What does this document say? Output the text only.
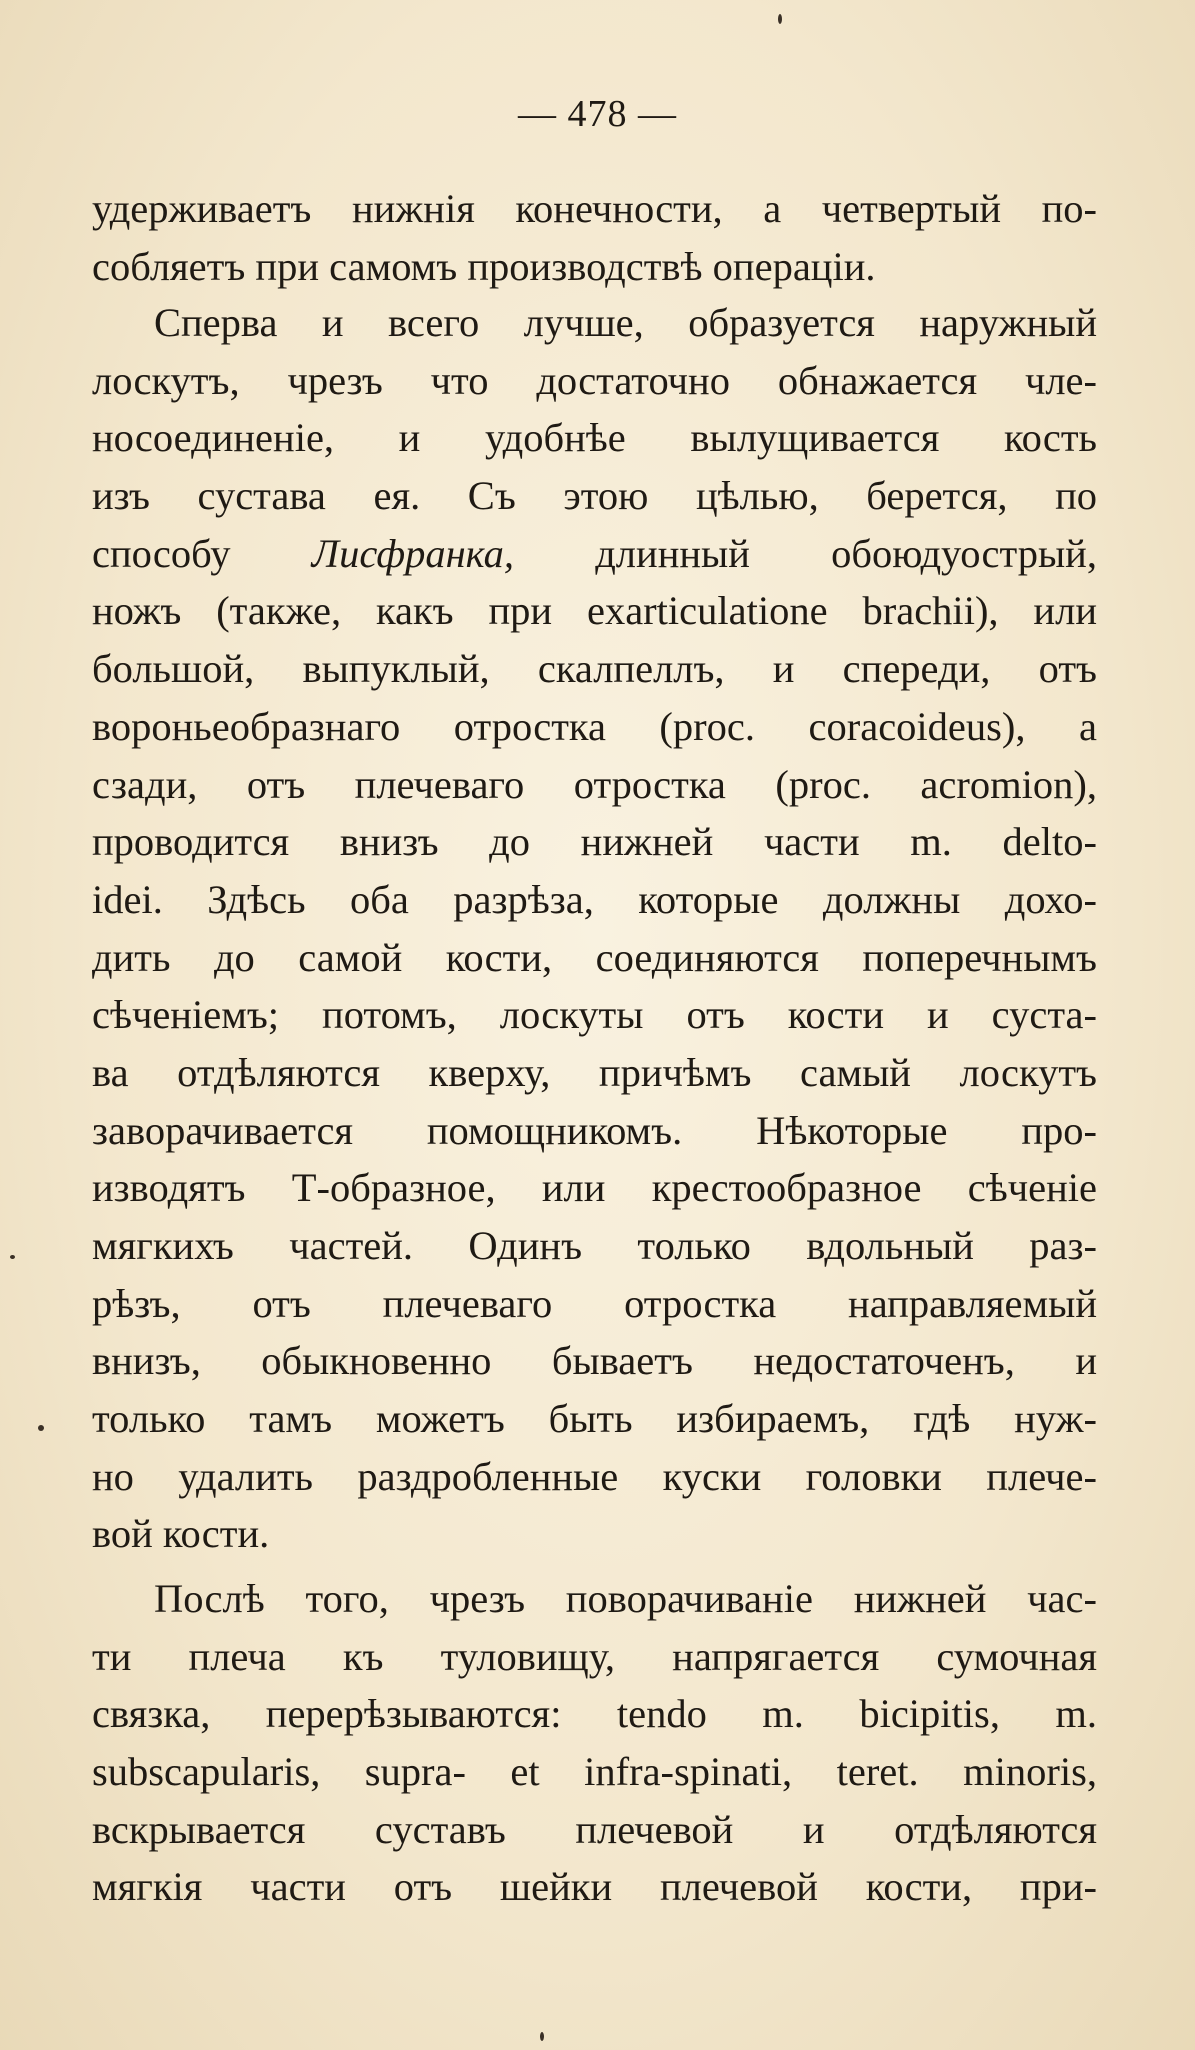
— 478 —
удерживаетъ нижнія конечности, а четвертый по-
собляетъ при самомъ производствѣ операціи.
Сперва и всего лучше, образуется наружный
лоскутъ, чрезъ что достаточно обнажается чле-
носоединеніе, и удобнѣе вылущивается кость
изъ сустава ея. Съ этою цѣлью, берется, по
способу Лисфранка, длинный обоюдуострый,
ножъ (также, какъ при exarticulatione brachii), или
большой, выпуклый, скалпеллъ, и спереди, отъ
вороньеобразнаго отростка (proc. coracoideus), а
сзади, отъ плечеваго отростка (proc. acromion),
проводится внизъ до нижней части m. delto-
idei. Здѣсь оба разрѣза, которые должны дохо-
дить до самой кости, соединяются поперечнымъ
сѣченіемъ; потомъ, лоскуты отъ кости и суста-
ва отдѣляются кверху, причѣмъ самый лоскутъ
заворачивается помощникомъ. Нѣкоторые про-
изводятъ Т-образное, или крестообразное сѣченіе
мягкихъ частей. Одинъ только вдольный раз-
рѣзъ, отъ плечеваго отростка направляемый
внизъ, обыкновенно бываетъ недостаточенъ, и
только тамъ можетъ быть избираемъ, гдѣ нуж-
но удалить раздробленные куски головки плече-
вой кости.
Послѣ того, чрезъ поворачиваніе нижней час-
ти плеча къ туловищу, напрягается сумочная
связка, перерѣзываются: tendo m. bicipitis, m.
subscapularis, supra- et infra-spinati, teret. minoris,
вскрывается суставъ плечевой и отдѣляются
мягкія части отъ шейки плечевой кости, при-
